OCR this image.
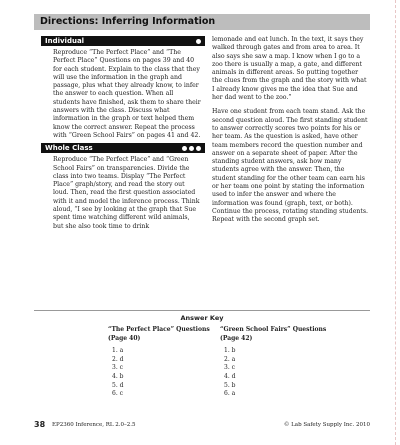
Directions: Inferring Information
Individual
Reproduce “The Perfect Place” and “The Perfect Place” Questions on pages 39 and 40 for each student. Explain to the class that they will use the information in the graph and passage, plus what they already know, to infer the answer to each question. When all students have finished, ask them to share their answers with the class. Discuss what information in the graph or text helped them know the correct answer. Repeat the process with “Green School Fairs” on pages 41 and 42.
Whole Class
Reproduce “The Perfect Place” and “Green School Fairs” on transparencies. Divide the class into two teams. Display “The Perfect Place” graph/story, and read the story out loud. Then, read the first question associated with it and model the inference process. Think aloud, “I see by looking at the graph that Sue spent time watching different wild animals, but she also took time to drink
lemonade and eat lunch. In the text, it says they walked through gates and from area to area. It also says she saw a map. I know when I go to a zoo there is usually a map, a gate, and different animals in different areas. So putting together the clues from the graph and the story with what I already know gives me the idea that Sue and her dad went to the zoo.”
Have one student from each team stand. Ask the second question aloud. The first standing student to answer correctly scores two points for his or her team. As the question is asked, have other team members record the question number and answer on a separate sheet of paper. After the standing student answers, ask how many students agree with the answer. Then, the student standing for the other team can earn his or her team one point by stating the information used to infer the answer and where the information was found (graph, text, or both). Continue the process, rotating standing students. Repeat with the second graph set.
Answer Key
“The Perfect Place” Questions (Page 40)
1. a
2. d
3. c
4. b
5. d
6. c
“Green School Fairs” Questions (Page 42)
1. b
2. a
3. c
4. d
5. b
6. a
38 EP2360 Inference, RL 2.0–2.5	© Lab Safety Supply Inc. 2010
